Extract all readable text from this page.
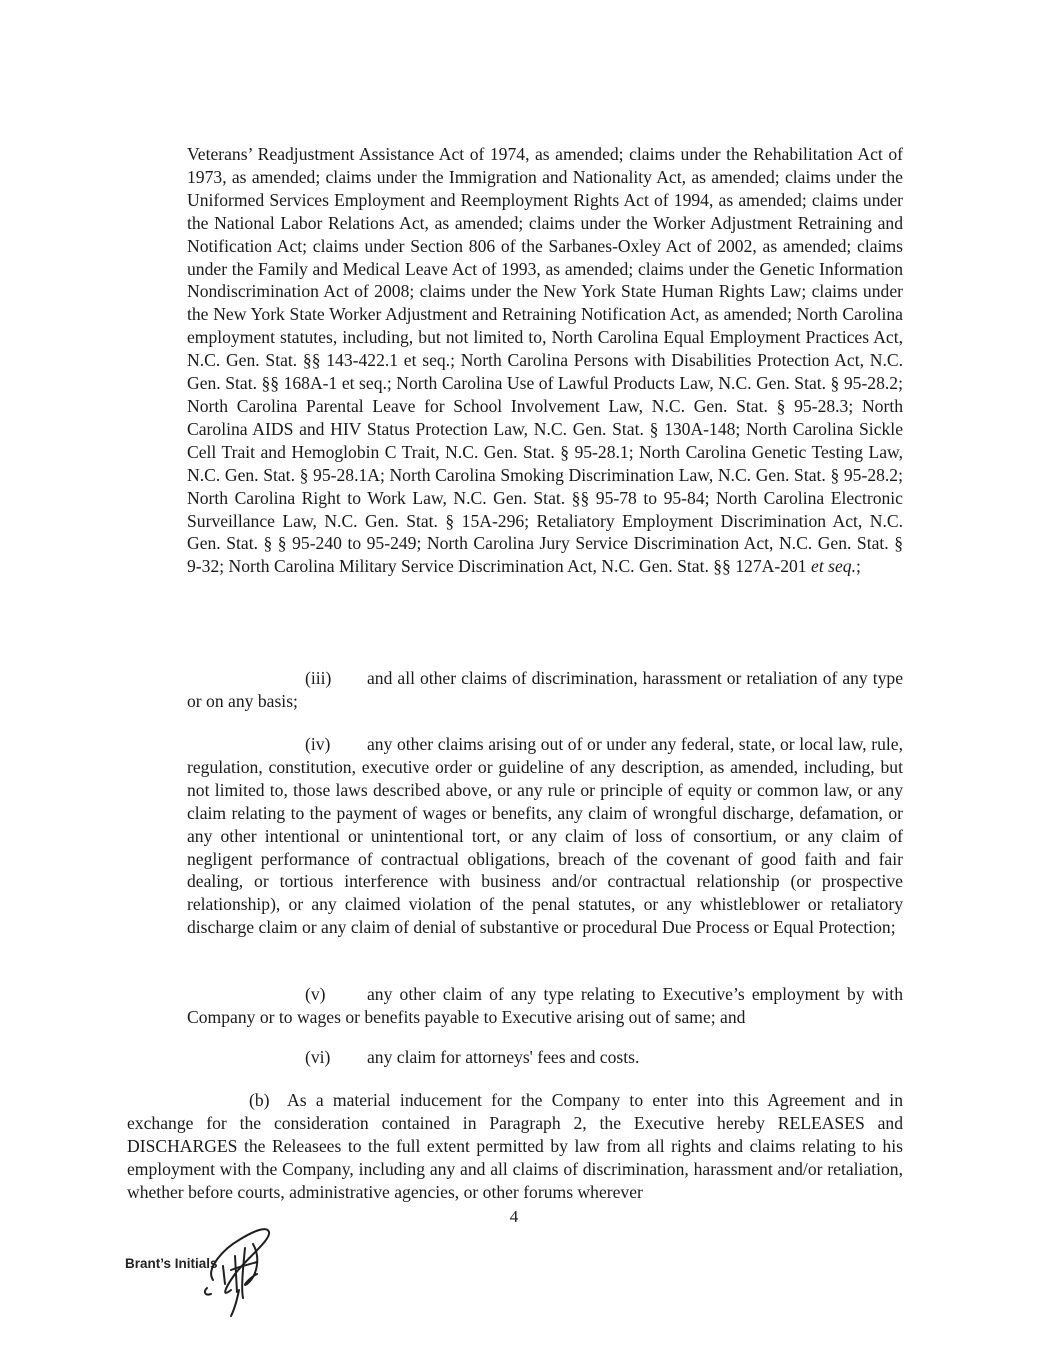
Veterans’ Readjustment Assistance Act of 1974, as amended; claims under the Rehabilitation Act of 1973, as amended; claims under the Immigration and Nationality Act, as amended; claims under the Uniformed Services Employment and Reemployment Rights Act of 1994, as amended; claims under the National Labor Relations Act, as amended; claims under the Worker Adjustment Retraining and Notification Act; claims under Section 806 of the Sarbanes-Oxley Act of 2002, as amended; claims under the Family and Medical Leave Act of 1993, as amended; claims under the Genetic Information Nondiscrimination Act of 2008; claims under the New York State Human Rights Law; claims under the New York State Worker Adjustment and Retraining Notification Act, as amended; North Carolina employment statutes, including, but not limited to, North Carolina Equal Employment Practices Act, N.C. Gen. Stat. §§ 143-422.1 et seq.; North Carolina Persons with Disabilities Protection Act, N.C. Gen. Stat. §§ 168A-1 et seq.; North Carolina Use of Lawful Products Law, N.C. Gen. Stat. § 95-28.2; North Carolina Parental Leave for School Involvement Law, N.C. Gen. Stat. § 95-28.3; North Carolina AIDS and HIV Status Protection Law, N.C. Gen. Stat. § 130A-148; North Carolina Sickle Cell Trait and Hemoglobin C Trait, N.C. Gen. Stat. § 95-28.1; North Carolina Genetic Testing Law, N.C. Gen. Stat. § 95-28.1A; North Carolina Smoking Discrimination Law, N.C. Gen. Stat. § 95-28.2; North Carolina Right to Work Law, N.C. Gen. Stat. §§ 95-78 to 95-84; North Carolina Electronic Surveillance Law, N.C. Gen. Stat. § 15A-296; Retaliatory Employment Discrimination Act, N.C. Gen. Stat. § § 95-240 to 95-249; North Carolina Jury Service Discrimination Act, N.C. Gen. Stat. § 9-32; North Carolina Military Service Discrimination Act, N.C. Gen. Stat. §§ 127A-201 et seq.;

(iii) and all other claims of discrimination, harassment or retaliation of any type or on any basis;

(iv) any other claims arising out of or under any federal, state, or local law, rule, regulation, constitution, executive order or guideline of any description, as amended, including, but not limited to, those laws described above, or any rule or principle of equity or common law, or any claim relating to the payment of wages or benefits, any claim of wrongful discharge, defamation, or any other intentional or unintentional tort, or any claim of loss of consortium, or any claim of negligent performance of contractual obligations, breach of the covenant of good faith and fair dealing, or tortious interference with business and/or contractual relationship (or prospective relationship), or any claimed violation of the penal statutes, or any whistleblower or retaliatory discharge claim or any claim of denial of substantive or procedural Due Process or Equal Protection;

(v) any other claim of any type relating to Executive’s employment by with Company or to wages or benefits payable to Executive arising out of same; and

(vi) any claim for attorneys' fees and costs.

(b) As a material inducement for the Company to enter into this Agreement and in exchange for the consideration contained in Paragraph 2, the Executive hereby RELEASES and DISCHARGES the Releasees to the full extent permitted by law from all rights and claims relating to his employment with the Company, including any and all claims of discrimination, harassment and/or retaliation, whether before courts, administrative agencies, or other forums wherever

4
Brant’s Initials
